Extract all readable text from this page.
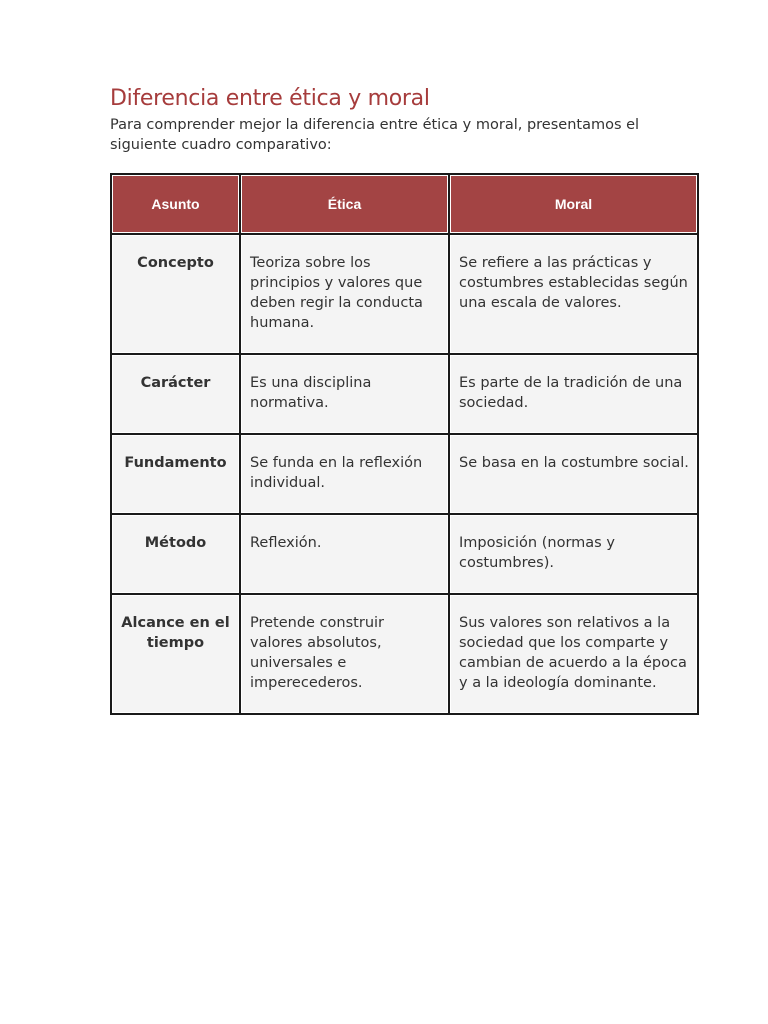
Diferencia entre ética y moral

Para comprender mejor la diferencia entre ética y moral, presentamos el siguiente cuadro comparativo:

Asunto	Ética	Moral
Concepto	Teoriza sobre los principios y valores que deben regir la conducta humana.	Se refiere a las prácticas y costumbres establecidas según una escala de valores.
Carácter	Es una disciplina normativa.	Es parte de la tradición de una sociedad.
Fundamento	Se funda en la reflexión individual.	Se basa en la costumbre social.
Método	Reflexión.	Imposición (normas y costumbres).
Alcance en el tiempo	Pretende construir valores absolutos, universales e imperecederos.	Sus valores son relativos a la sociedad que los comparte y cambian de acuerdo a la época y a la ideología dominante.
